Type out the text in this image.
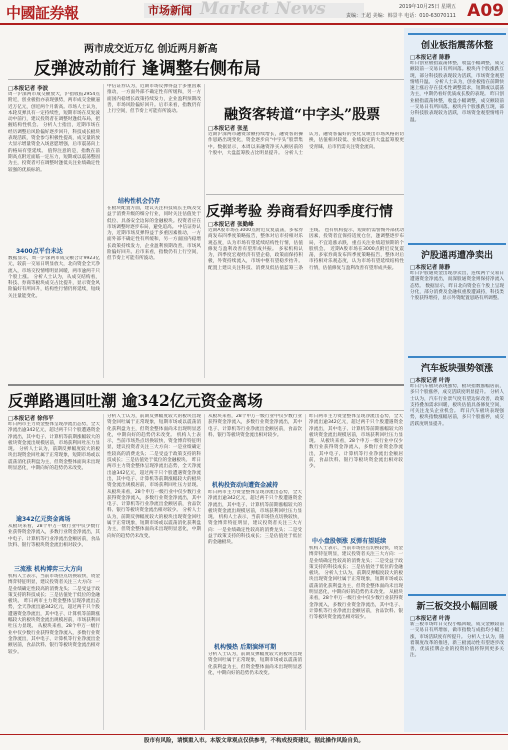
中國証券報	市场新闻 Market News	2019年10月25日 星期五
责编：王超 美编：韩景丰 电话：010-63070111 A09
两市成交近万亿 创近两月新高
反弹波动前行 逢调整右侧布局
□本报记者 李波
周一沪深两市成交额放大，沪指收报2954点附近，创业板指亦表现强势，两市成交金额逼近万亿元，创近两个月新高。市场人士认为，本轮反弹具有一定持续性，短期市场在反复波动中前行，建议投资者在调整时逢低布局，把握结构性机会。 分析人士指出，近期市场在经历调整后风险偏好逐步回升，科技成长板块表现活跃，资金参与积极性提高，成交量的放大显示增量资金入场意愿增强，后市震荡向上的格局有望延续。 值得注意的是，指数在前期高点附近面临一定压力，短期或以震荡整固为主，投资者可在调整时逢低关注业绩确定性较强的优质标的。
3400点平台未达
数据显示，周一沪深两市成交额合计9923亿元，较前一交易日明显放大，北向资金全天净流入，市场交投情绪明显回暖，两市逾两千只个股上涨。 分析人士认为，从成交结构看，科技、券商等板块成交占比提升，显示资金风险偏好有所回升，结构性行情仍将延续，短线关注量能变化。
中信证券认为，近期市场反弹得益于多重因素推动，一方面外部不确定性有所缓和，另一方面国内稳增长政策持续发力，企业盈利预期改善，市场风险偏好回升。后市来看，指数仍有上行空间，但节奏上可能有所波动。
结构性机会仍存
在板块配置方面，建议关注科技成长主线及受益于消费升级的细分行业，同时关注估值处于低位、具备安全边际的金融板块。投资者应在市场调整时逐步布局，避免追高。 中信证券认为，近期市场反弹得益于多重因素推动，一方面外部不确定性有所缓和，另一方面国内稳增长政策持续发力，企业盈利预期改善，市场风险偏好回升。后市来看，指数仍有上行空间，但节奏上可能有所波动。
融资客转道“中字头”股票
□本报记者 张星
近期沪深两市融资余额持续增长，融资客的操作思路出现变化，资金逐步向“中字头”股票集中。数据显示，本周以来融资净买入额居前的个股中，大盘蓝筹股占比明显提升。 分析人士认为，融资客偏好的变化反映出市场风格的切换，估值相对较低、业绩稳定的大盘蓝筹股更受青睐，后市仍需关注资金流向。
反弹考验 券商看好四季度行情
□本报记者 张勤峰
近期A股市场在3000点附近反复震荡，多家券商发布四季度策略报告，整体对后市持相对乐观态度，认为市场有望延续结构性行情，估值修复与盈利改善有望形成共振。 多家机构认为，四季度宏观经济有望企稳，政策面保持积极，外资持续流入，市场中枢有望稳步抬升。配置上建议关注科技、消费及低估值蓝筹三条主线。 也有机构提示，短期仍需警惕外部扰动因素，投资者宜保持适度仓位，逢调整逐步布局，不宜追涨杀跌，重点关注业绩超预期的个股机会。 近期A股市场在3000点附近反复震荡，多家券商发布四季度策略报告，整体对后市持相对乐观态度，认为市场有望延续结构性行情，估值修复与盈利改善有望形成共振。
反弹路遇回吐潮 逾342亿元资金离场
□本报记者 徐伟平
昨日两市主力资金整体呈现净流出态势，全天净流出逾342亿元，超过两千只个股遭遇资金净流出，其中电子、计算机等前期涨幅较大的板块资金流出规模居前，市场获利回吐压力显现。 分析人士认为，前期反弹幅度较大的板块出现资金回吐属于正常现象，短期市场或以震荡消化获利盘为主，但资金整体面尚未出现明显恶化，中期向好的趋势仍未改变。
逾342亿元资金离场
从板块来看，28个申万一级行业中仅少数行业获得资金净流入，多数行业资金净流出，其中电子、计算机等行业净流出金额居前，食品饮料、银行等板块资金流出相对较少。
三流涨 机构博弈三大方向
机构人士表示，当前市场热点切换较快，资金博弈特征明显，建议投资者关注三大方向：一是业绩确定性较高的消费龙头；二是受益于政策支持的科技成长；三是估值处于低位的金融板块。 昨日两市主力资金整体呈现净流出态势，全天净流出逾342亿元，超过两千只个股遭遇资金净流出，其中电子、计算机等前期涨幅较大的板块资金流出规模居前，市场获利回吐压力显现。 从板块来看，28个申万一级行业中仅少数行业获得资金净流入，多数行业资金净流出，其中电子、计算机等行业净流出金额居前，食品饮料、银行等板块资金流出相对较少。
分析人士认为，前期反弹幅度较大的板块出现资金回吐属于正常现象，短期市场或以震荡消化获利盘为主，但资金整体面尚未出现明显恶化，中期向好的趋势仍未改变。 机构人士表示，当前市场热点切换较快，资金博弈特征明显，建议投资者关注三大方向：一是业绩确定性较高的消费龙头；二是受益于政策支持的科技成长；三是估值处于低位的金融板块。 昨日两市主力资金整体呈现净流出态势，全天净流出逾342亿元，超过两千只个股遭遇资金净流出，其中电子、计算机等前期涨幅较大的板块资金流出规模居前，市场获利回吐压力显现。 从板块来看，28个申万一级行业中仅少数行业获得资金净流入，多数行业资金净流出，其中电子、计算机等行业净流出金额居前，食品饮料、银行等板块资金流出相对较少。 分析人士认为，前期反弹幅度较大的板块出现资金回吐属于正常现象，短期市场或以震荡消化获利盘为主，但资金整体面尚未出现明显恶化，中期向好的趋势仍未改变。
从板块来看，28个申万一级行业中仅少数行业获得资金净流入，多数行业资金净流出，其中电子、计算机等行业净流出金额居前，食品饮料、银行等板块资金流出相对较少。
机构投资动向遭资金减持
昨日两市主力资金整体呈现净流出态势，全天净流出逾342亿元，超过两千只个股遭遇资金净流出，其中电子、计算机等前期涨幅较大的板块资金流出规模居前，市场获利回吐压力显现。 机构人士表示，当前市场热点切换较快，资金博弈特征明显，建议投资者关注三大方向：一是业绩确定性较高的消费龙头；二是受益于政策支持的科技成长；三是估值处于低位的金融板块。
机构慢热 后期演绎可期
分析人士认为，前期反弹幅度较大的板块出现资金回吐属于正常现象，短期市场或以震荡消化获利盘为主，但资金整体面尚未出现明显恶化，中期向好的趋势仍未改变。
昨日两市主力资金整体呈现净流出态势，全天净流出逾342亿元，超过两千只个股遭遇资金净流出，其中电子、计算机等前期涨幅较大的板块资金流出规模居前，市场获利回吐压力显现。 从板块来看，28个申万一级行业中仅少数行业获得资金净流入，多数行业资金净流出，其中电子、计算机等行业净流出金额居前，食品饮料、银行等板块资金流出相对较少。
中小盘股领涨 反弹有望延续
机构人士表示，当前市场热点切换较快，资金博弈特征明显，建议投资者关注三大方向：一是业绩确定性较高的消费龙头；二是受益于政策支持的科技成长；三是估值处于低位的金融板块。 分析人士认为，前期反弹幅度较大的板块出现资金回吐属于正常现象，短期市场或以震荡消化获利盘为主，但资金整体面尚未出现明显恶化，中期向好的趋势仍未改变。 从板块来看，28个申万一级行业中仅少数行业获得资金净流入，多数行业资金净流出，其中电子、计算机等行业净流出金额居前，食品饮料、银行等板块资金流出相对较少。
创业板指震荡休整
□本报记者 陈静
昨日创业板指震荡休整，收盘小幅调整，成交额较前一交易日有所回落。板块内个股涨跌互现，部分科技股表现较为活跃，市场资金观望情绪升温。 分析人士认为，创业板指在前期快速上涨后存在技术性调整需求，短期或以震荡为主，中期仍看好优质成长股的表现。 昨日创业板指震荡休整，收盘小幅调整，成交额较前一交易日有所回落。板块内个股涨跌互现，部分科技股表现较为活跃，市场资金观望情绪升温。
沪股通再遭净卖出
□本报记者 陈静
昨日沪股通资金出现净卖出，连续两个交易日遭遇资金净流出，而深股通资金则保持净流入态势。 数据显示，昨日北向资金在个股上呈现分化，部分消费及金融权重股遭减持，科技类个股获得增持，显示外资配置思路有所调整。
汽车板块强势领涨
□本报记者 叶涛
昨日汽车板块表现强势，板块指数涨幅居前，多只个股涨停，成交活跃度明显提升。 分析人士认为，汽车行业景气度有望边际改善，政策支持叠加需求回暖，板块估值具备修复空间，可关注龙头企业机会。 昨日汽车板块表现强势，板块指数涨幅居前，多只个股涨停，成交活跃度明显提升。
新三板交投小幅回暖
□本报记者 叶涛
新三板市场昨日交投小幅回暖，成交金额较前一交易日有所增加，做市指数与成指均小幅上涨，市场活跃度有所提升。 分析人士认为，随着制度改革的推进，新三板流动性有望逐步改善，优质挂牌企业的投资价值将得到更多关注。
股市有风险，请慎重入市。本版文章观点仅供参考，不构成投资建议，据此操作风险自负。
